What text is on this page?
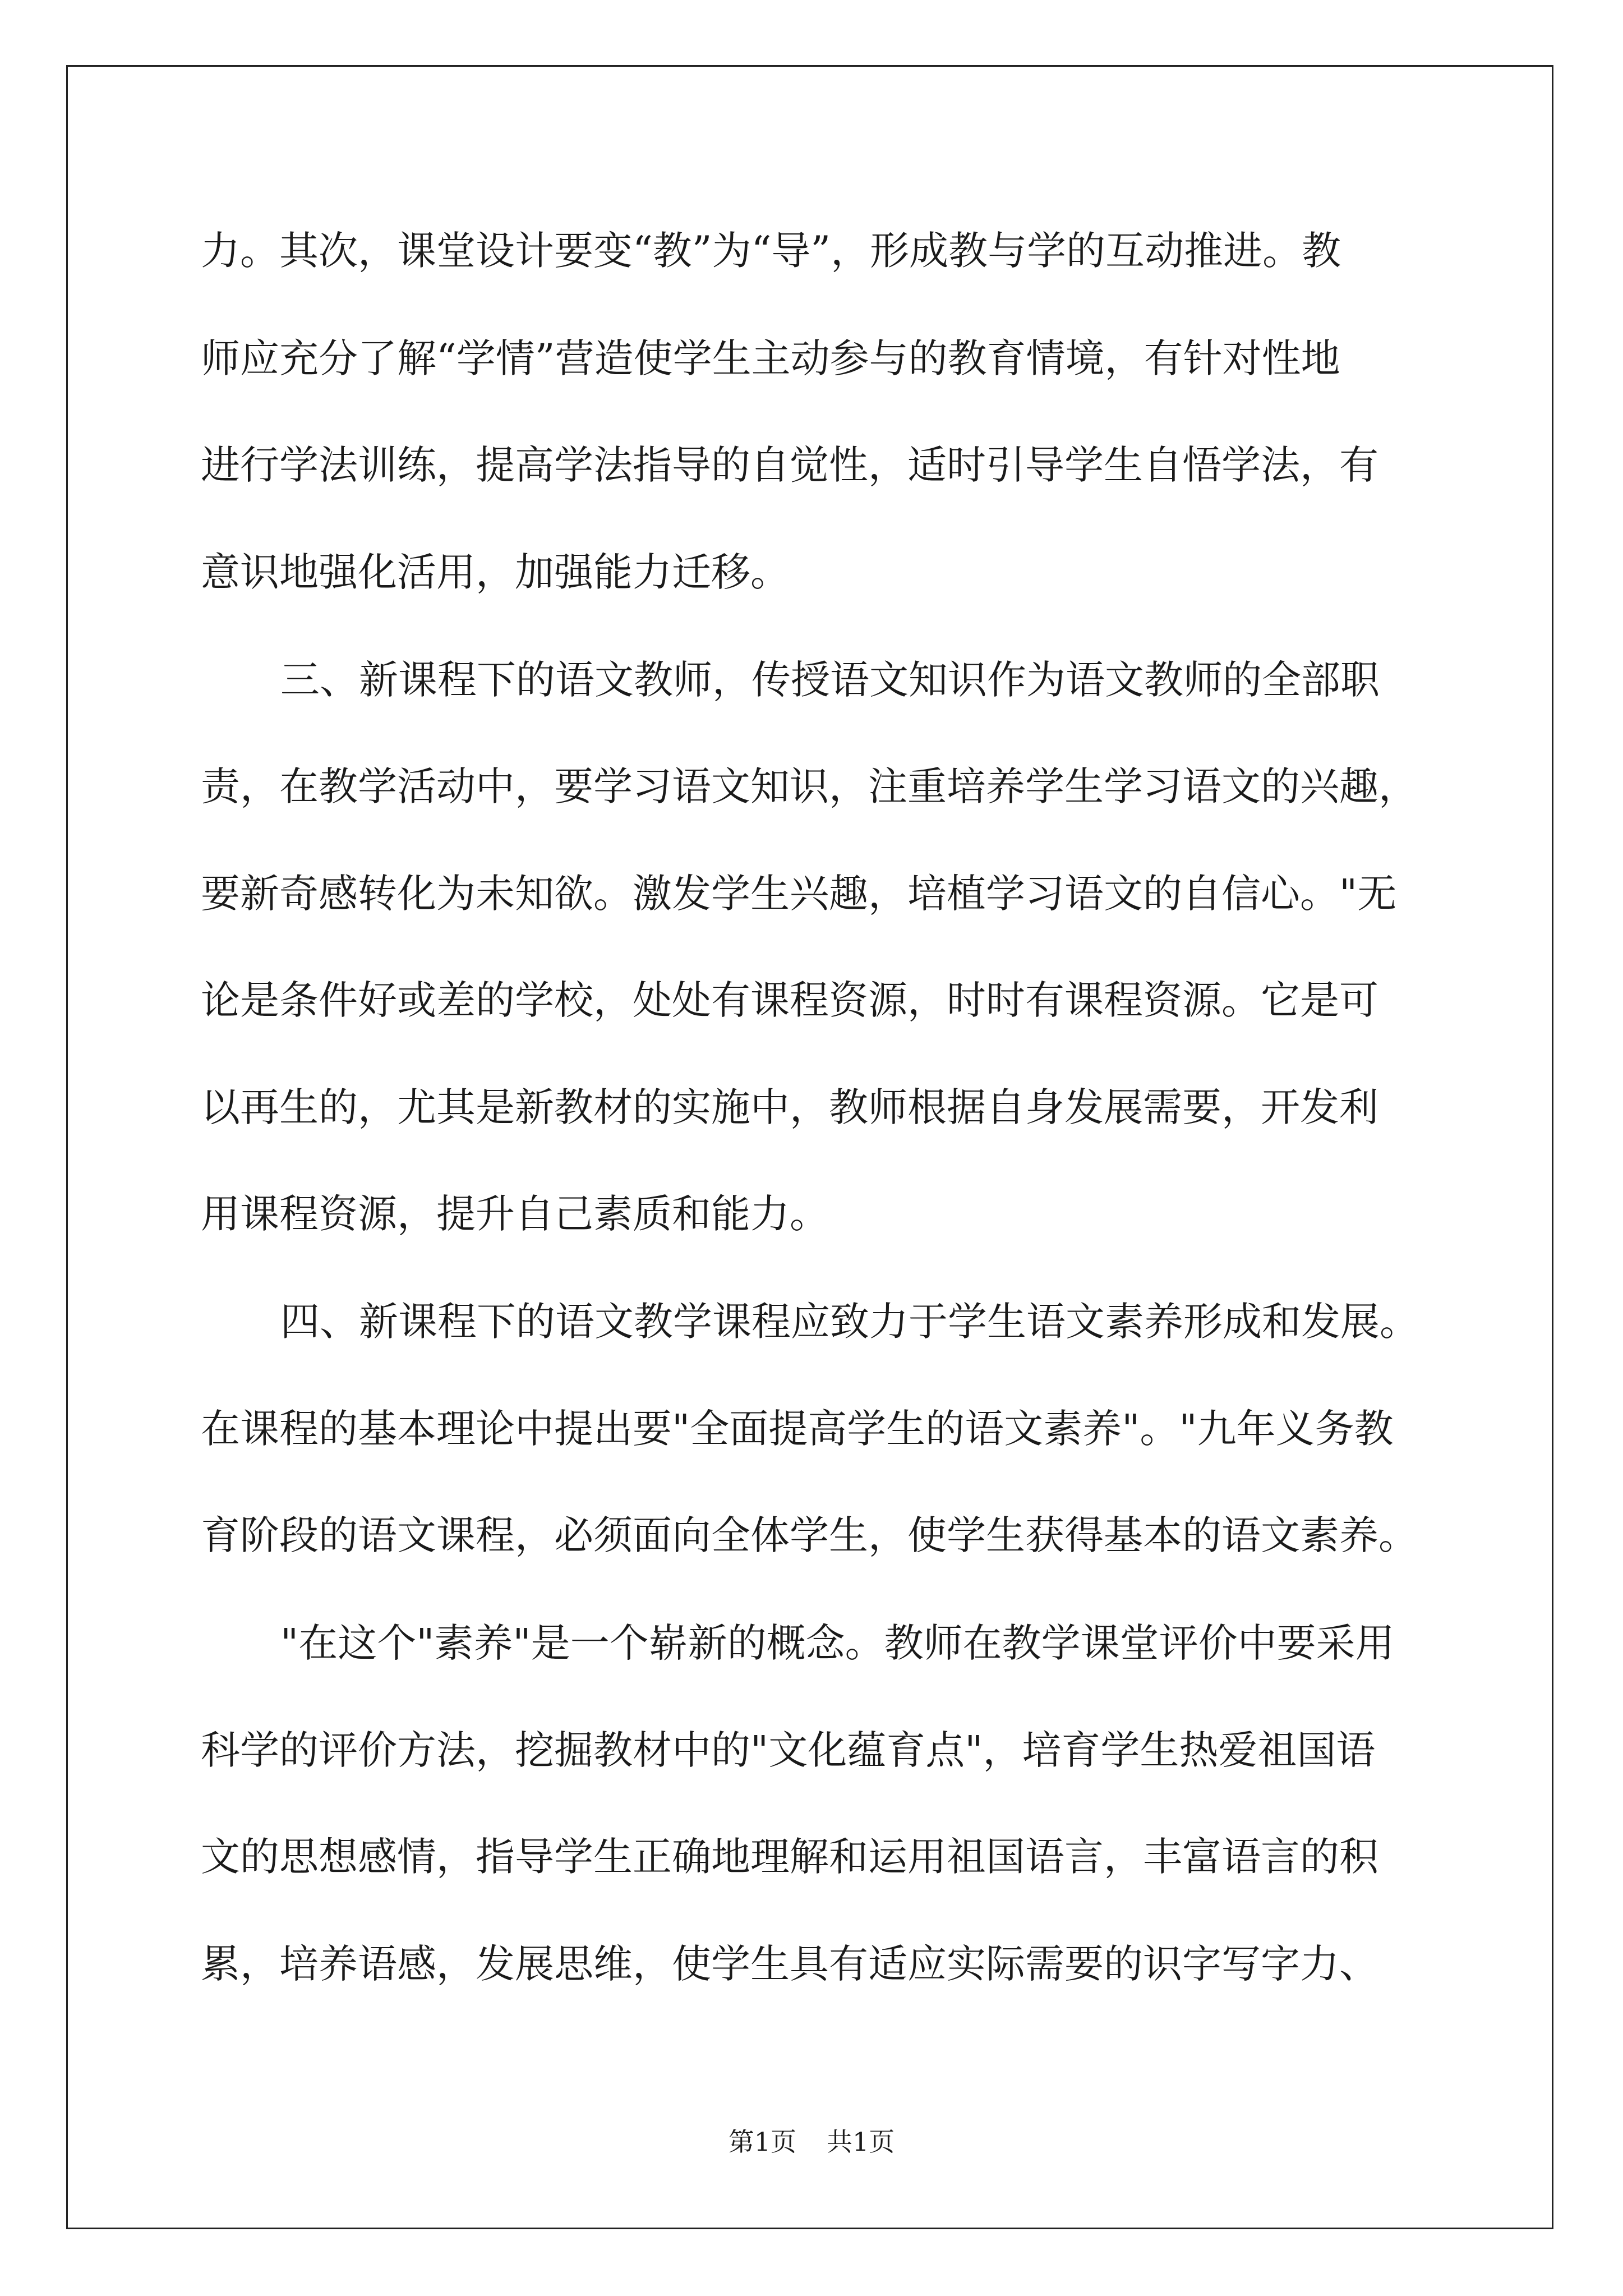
力。其次，课堂设计要变“教”为“导”，形成教与学的互动推进。教
师应充分了解“学情”营造使学生主动参与的教育情境，有针对性地
进行学法训练，提高学法指导的自觉性，适时引导学生自悟学法，有
意识地强化活用，加强能力迁移。
三、新课程下的语文教师，传授语文知识作为语文教师的全部职
责，在教学活动中，要学习语文知识，注重培养学生学习语文的兴趣，
要新奇感转化为未知欲。激发学生兴趣，培植学习语文的自信心。"无
论是条件好或差的学校，处处有课程资源，时时有课程资源。它是可
以再生的，尤其是新教材的实施中，教师根据自身发展需要，开发利
用课程资源，提升自己素质和能力。
四、新课程下的语文教学课程应致力于学生语文素养形成和发展。
在课程的基本理论中提出要"全面提高学生的语文素养"。"九年义务教
育阶段的语文课程，必须面向全体学生，使学生获得基本的语文素养。
"在这个"素养"是一个崭新的概念。教师在教学课堂评价中要采用
科学的评价方法，挖掘教材中的"文化蕴育点"，培育学生热爱祖国语
文的思想感情，指导学生正确地理解和运用祖国语言，丰富语言的积
累，培养语感，发展思维，使学生具有适应实际需要的识字写字力、
第1页 共1页
